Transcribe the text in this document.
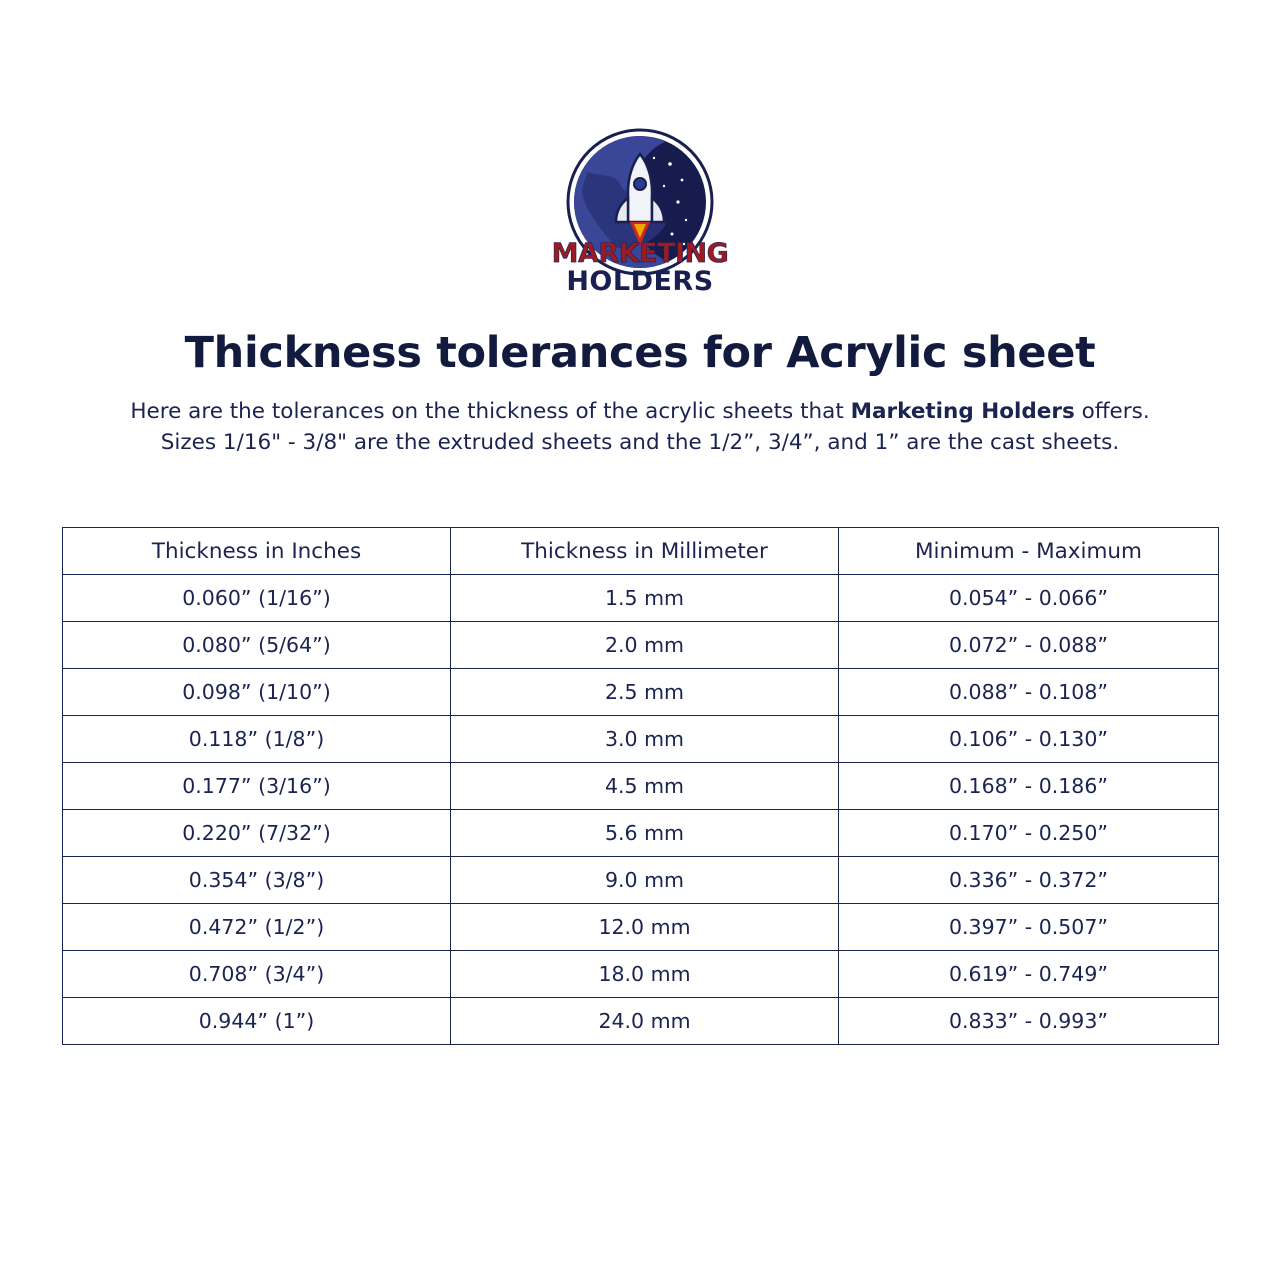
MARKETING
HOLDERS
Thickness tolerances for Acrylic sheet
Here are the tolerances on the thickness of the acrylic sheets that Marketing Holders offers.
Sizes 1/16" - 3/8" are the extruded sheets and the 1/2”, 3/4”, and 1” are the cast sheets.
Thickness in Inches	Thickness in Millimeter	Minimum - Maximum
0.060” (1/16”)	1.5 mm	0.054” - 0.066”
0.080” (5/64”)	2.0 mm	0.072” - 0.088”
0.098” (1/10”)	2.5 mm	0.088” - 0.108”
0.118” (1/8”)	3.0 mm	0.106” - 0.130”
0.177” (3/16”)	4.5 mm	0.168” - 0.186”
0.220” (7/32”)	5.6 mm	0.170” - 0.250”
0.354” (3/8”)	9.0 mm	0.336” - 0.372”
0.472” (1/2”)	12.0 mm	0.397” - 0.507”
0.708” (3/4”)	18.0 mm	0.619” - 0.749”
0.944” (1”)	24.0 mm	0.833” - 0.993”
